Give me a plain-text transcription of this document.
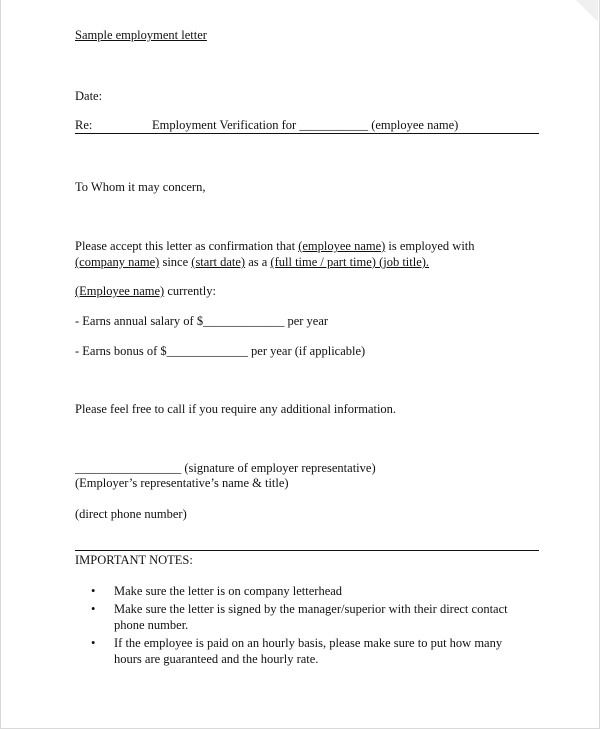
Sample employment letter
Date:
Re:	Employment Verification for ___________ (employee name)
To Whom it may concern,
Please accept this letter as confirmation that (employee name) is employed with
(company name) since (start date) as a (full time / part time) (job title).
(Employee name) currently:
- Earns annual salary of $_____________ per year
- Earns bonus of $_____________ per year (if applicable)
Please feel free to call if you require any additional information.
_________________ (signature of employer representative)
(Employer’s representative’s name & title)
(direct phone number)
IMPORTANT NOTES:
• Make sure the letter is on company letterhead
• Make sure the letter is signed by the manager/superior with their direct contact phone number.
• If the employee is paid on an hourly basis, please make sure to put how many hours are guaranteed and the hourly rate.
